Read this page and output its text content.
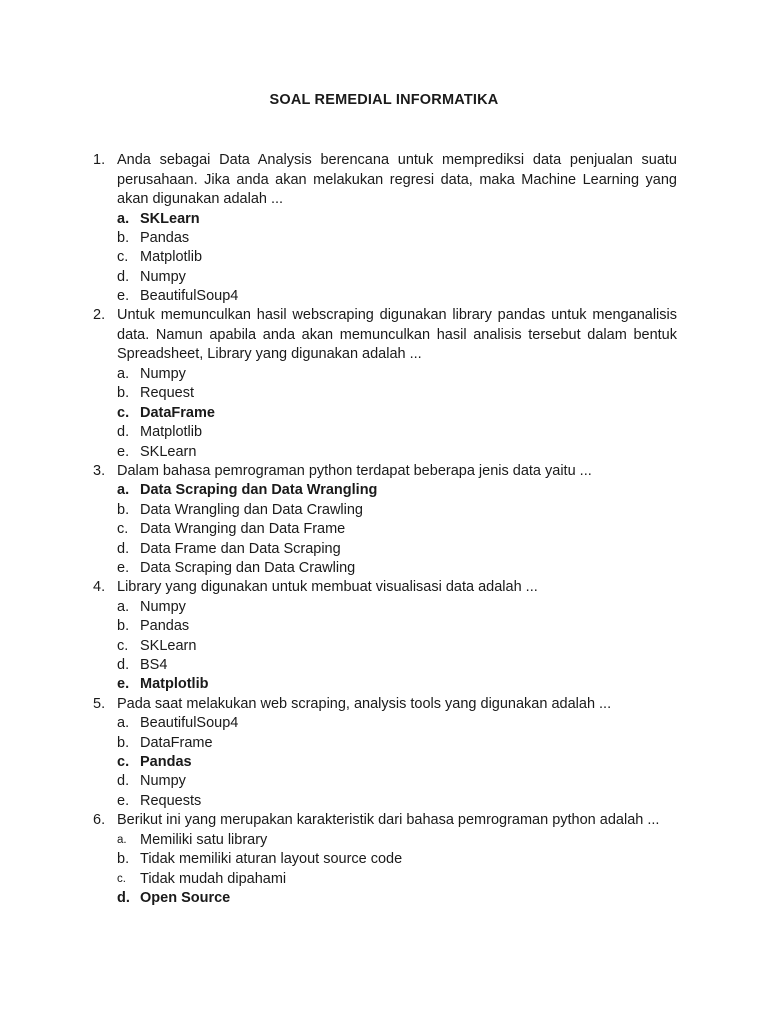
SOAL REMEDIAL INFORMATIKA
1. Anda sebagai Data Analysis berencana untuk memprediksi data penjualan suatu perusahaan. Jika anda akan melakukan regresi data, maka Machine Learning yang akan digunakan adalah ...
a. SKLearn
b. Pandas
c. Matplotlib
d. Numpy
e. BeautifulSoup4
2. Untuk memunculkan hasil webscraping digunakan library pandas untuk menganalisis data. Namun apabila anda akan memunculkan hasil analisis tersebut dalam bentuk Spreadsheet, Library yang digunakan adalah ...
a. Numpy
b. Request
c. DataFrame
d. Matplotlib
e. SKLearn
3. Dalam bahasa pemrograman python terdapat beberapa jenis data yaitu ...
a. Data Scraping dan Data Wrangling
b. Data Wrangling dan Data Crawling
c. Data Wranging dan Data Frame
d. Data Frame dan Data Scraping
e. Data Scraping dan Data Crawling
4. Library yang digunakan untuk membuat visualisasi data adalah ...
a. Numpy
b. Pandas
c. SKLearn
d. BS4
e. Matplotlib
5. Pada saat melakukan web scraping, analysis tools yang digunakan adalah ...
a. BeautifulSoup4
b. DataFrame
c. Pandas
d. Numpy
e. Requests
6. Berikut ini yang merupakan karakteristik dari bahasa pemrograman python adalah ...
a. Memiliki satu library
b. Tidak memiliki aturan layout source code
c. Tidak mudah dipahami
d. Open Source
